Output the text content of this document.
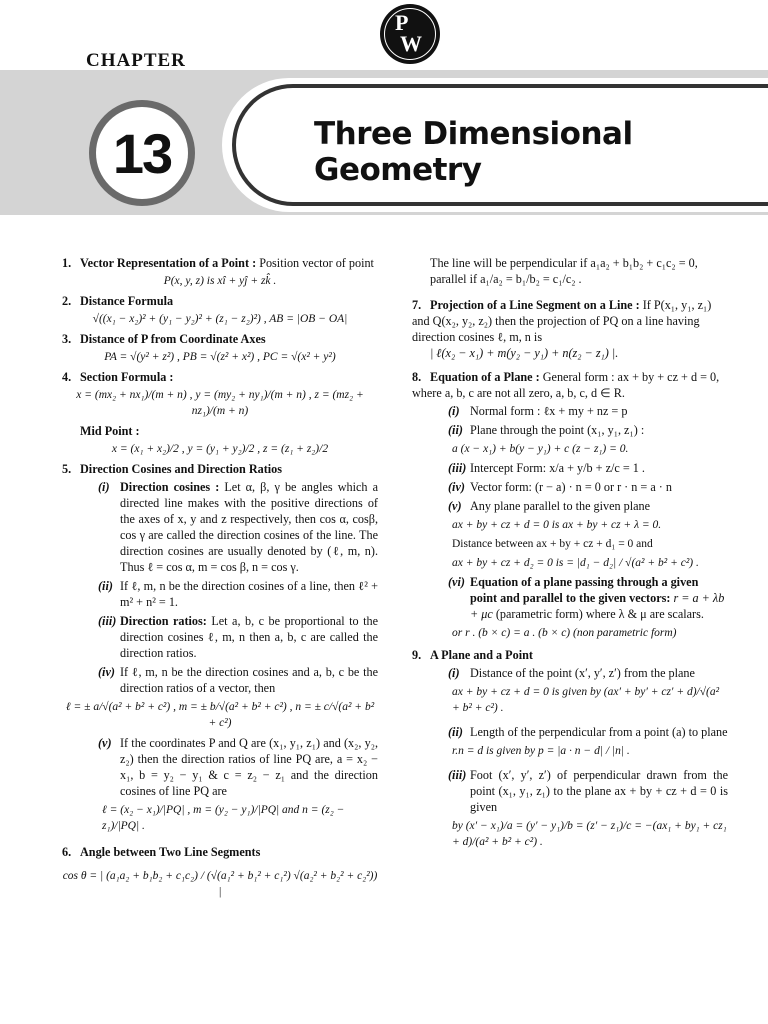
CHAPTER
13	Three Dimensional Geometry
P
W
1. Vector Representation of a Point : Position vector of point
P(x, y, z) is xî + yĵ + zk̂ .
2. Distance Formula
√((x₁ − x₂)² + (y₁ − y₂)² + (z₁ − z₂)²) , AB = |OB − OA|
3. Distance of P from Coordinate Axes
PA = √(y² + z²) , PB = √(z² + x²) , PC = √(x² + y²)
4. Section Formula :
x = (mx₂ + nx₁)/(m + n) , y = (my₂ + ny₁)/(m + n) , z = (mz₂ + nz₁)/(m + n)
Mid Point :
x = (x₁ + x₂)/2 , y = (y₁ + y₂)/2 , z = (z₁ + z₂)/2
5. Direction Cosines and Direction Ratios
(i) Direction cosines : Let α, β, γ be angles which a directed line makes with the positive directions of the axes of x, y and z respectively, then cos α, cosβ, cos γ are called the direction cosines of the line. The direction cosines are usually denoted by (ℓ, m, n). Thus ℓ = cos α, m = cos β, n = cos γ.
(ii) If ℓ, m, n be the direction cosines of a line, then ℓ² + m² + n² = 1.
(iii) Direction ratios: Let a, b, c be proportional to the direction cosines ℓ, m, n then a, b, c are called the direction ratios.
(iv) If ℓ, m, n be the direction cosines and a, b, c be the direction ratios of a vector, then
ℓ = ± a/√(a² + b² + c²) , m = ± b/√(a² + b² + c²) , n = ± c/√(a² + b² + c²)
(v) If the coordinates P and Q are (x₁, y₁, z₁) and (x₂, y₂, z₂) then the direction ratios of line PQ are, a = x₂ − x₁, b = y₂ − y₁ & c = z₂ − z₁ and the direction cosines of line PQ are
ℓ = (x₂ − x₁)/|PQ| , m = (y₂ − y₁)/|PQ| and n = (z₂ − z₁)/|PQ| .
6. Angle between Two Line Segments
cos θ = | (a₁a₂ + b₁b₂ + c₁c₂) / (√(a₁² + b₁² + c₁²) √(a₂² + b₂² + c₂²)) |
The line will be perpendicular if a₁a₂ + b₁b₂ + c₁c₂ = 0,
parallel if a₁/a₂ = b₁/b₂ = c₁/c₂ .
7. Projection of a Line Segment on a Line : If P(x₁, y₁, z₁) and Q(x₂, y₂, z₂) then the projection of PQ on a line having direction cosines ℓ, m, n is
| ℓ(x₂ − x₁) + m(y₂ − y₁) + n(z₂ − z₁) |.
8. Equation of a Plane : General form : ax + by + cz + d = 0, where a, b, c are not all zero, a, b, c, d ∈ R.
(i) Normal form : ℓx + my + nz = p
(ii) Plane through the point (x₁, y₁, z₁) :
a (x − x₁) + b(y − y₁) + c (z − z₁) = 0.
(iii) Intercept Form: x/a + y/b + z/c = 1 .
(iv) Vector form: (r − a) · n = 0 or r · n = a · n
(v) Any plane parallel to the given plane
ax + by + cz + d = 0 is ax + by + cz + λ = 0.
Distance between ax + by + cz + d₁ = 0 and
ax + by + cz + d₂ = 0 is = |d₁ − d₂| / √(a² + b² + c²) .
(vi) Equation of a plane passing through a given point and parallel to the given vectors: r = a + λb + μc (parametric form) where λ & μ are scalars.
or r . (b × c) = a . (b × c) (non parametric form)
9. A Plane and a Point
(i) Distance of the point (x′, y′, z′) from the plane
ax + by + cz + d = 0 is given by (ax′ + by′ + cz′ + d)/√(a² + b² + c²) .
(ii) Length of the perpendicular from a point (a) to plane
r.n = d is given by p = |a · n − d| / |n| .
(iii) Foot (x′, y′, z′) of perpendicular drawn from the point (x₁, y₁, z₁) to the plane ax + by + cz + d = 0 is given
by (x′ − x₁)/a = (y′ − y₁)/b = (z′ − z₁)/c = −(ax₁ + by₁ + cz₁ + d)/(a² + b² + c²) .
